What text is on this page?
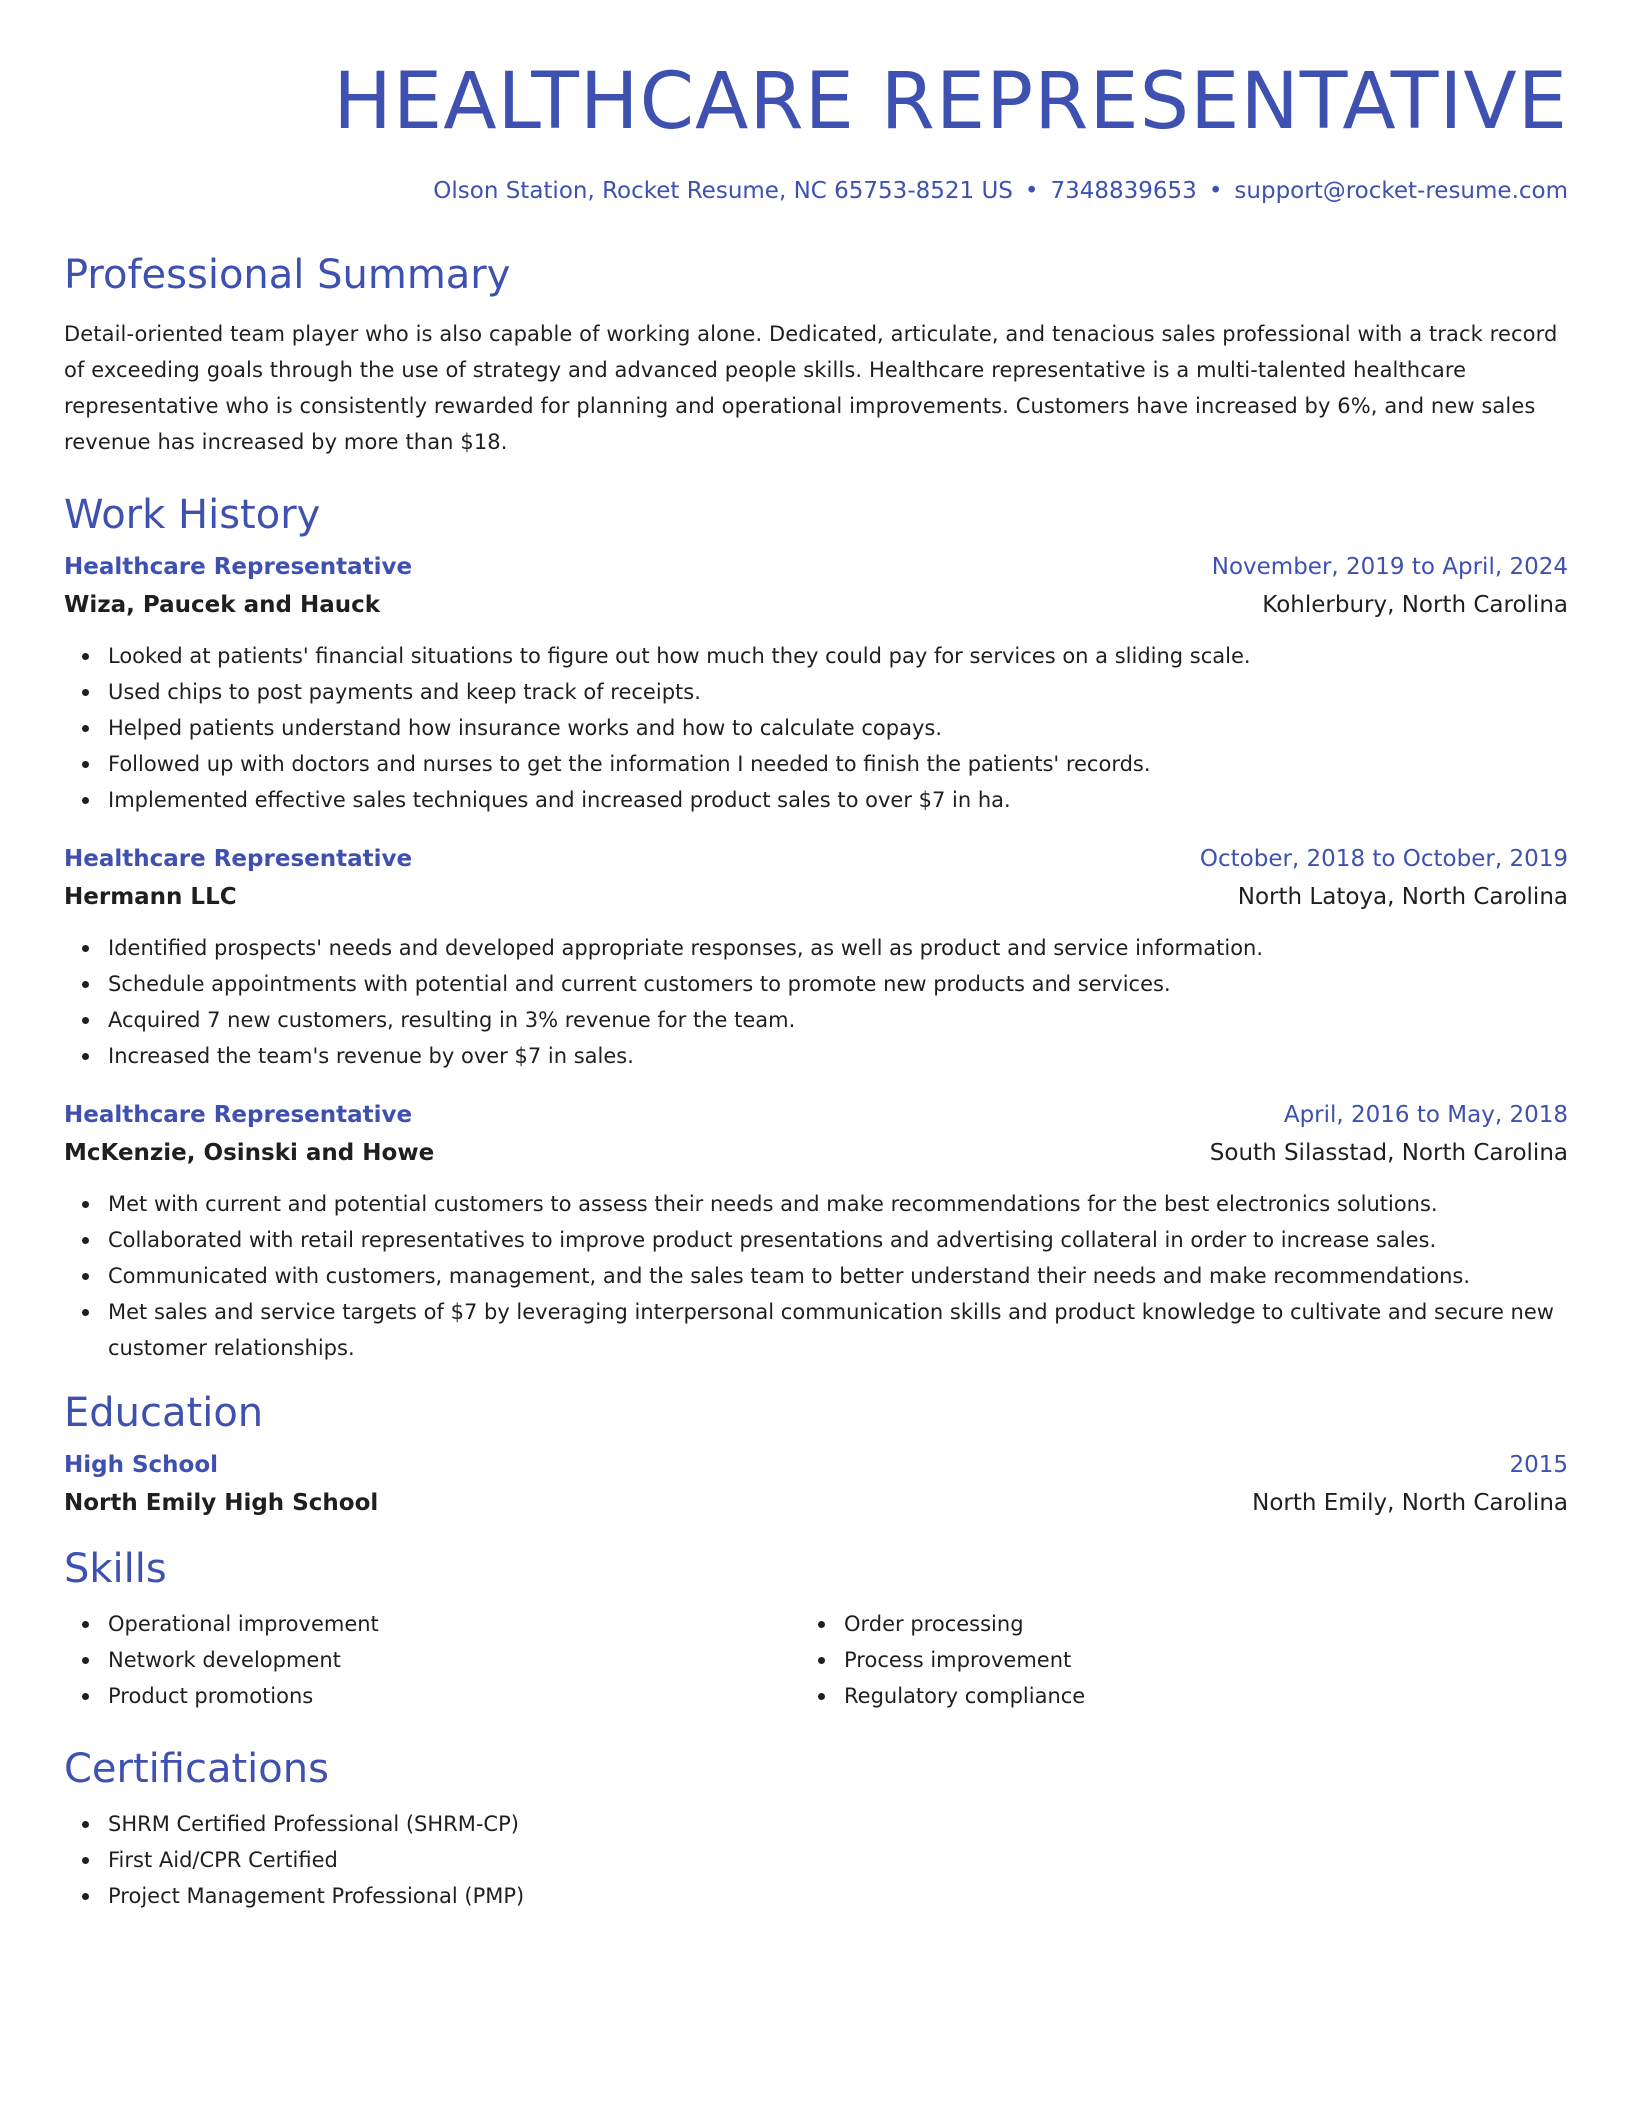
HEALTHCARE REPRESENTATIVE
Olson Station, Rocket Resume, NC 65753-8521 US • 7348839653 • support@rocket-resume.com
Professional Summary

Detail-oriented team player who is also capable of working alone. Dedicated, articulate, and tenacious sales professional with a track record of exceeding goals through the use of strategy and advanced people skills. Healthcare representative is a multi-talented healthcare representative who is consistently rewarded for planning and operational improvements. Customers have increased by 6%, and new sales revenue has increased by more than $18.

Work History
Healthcare Representative	November, 2019 to April, 2024
Wiza, Paucek and Hauck	Kohlerbury, North Carolina
Looked at patients' financial situations to figure out how much they could pay for services on a sliding scale.
Used chips to post payments and keep track of receipts.
Helped patients understand how insurance works and how to calculate copays.
Followed up with doctors and nurses to get the information I needed to finish the patients' records.
Implemented effective sales techniques and increased product sales to over $7 in ha.
Healthcare Representative	October, 2018 to October, 2019
Hermann LLC	North Latoya, North Carolina
Identified prospects' needs and developed appropriate responses, as well as product and service information.
Schedule appointments with potential and current customers to promote new products and services.
Acquired 7 new customers, resulting in 3% revenue for the team.
Increased the team's revenue by over $7 in sales.
Healthcare Representative	April, 2016 to May, 2018
McKenzie, Osinski and Howe	South Silasstad, North Carolina
Met with current and potential customers to assess their needs and make recommendations for the best electronics solutions.
Collaborated with retail representatives to improve product presentations and advertising collateral in order to increase sales.
Communicated with customers, management, and the sales team to better understand their needs and make recommendations.
Met sales and service targets of $7 by leveraging interpersonal communication skills and product knowledge to cultivate and secure new customer relationships.
Education
High School	2015
North Emily High School	North Emily, North Carolina
Skills
Operational improvement
Network development
Product promotions
Order processing
Process improvement
Regulatory compliance
Certifications
SHRM Certified Professional (SHRM-CP)
First Aid/CPR Certified
Project Management Professional (PMP)
